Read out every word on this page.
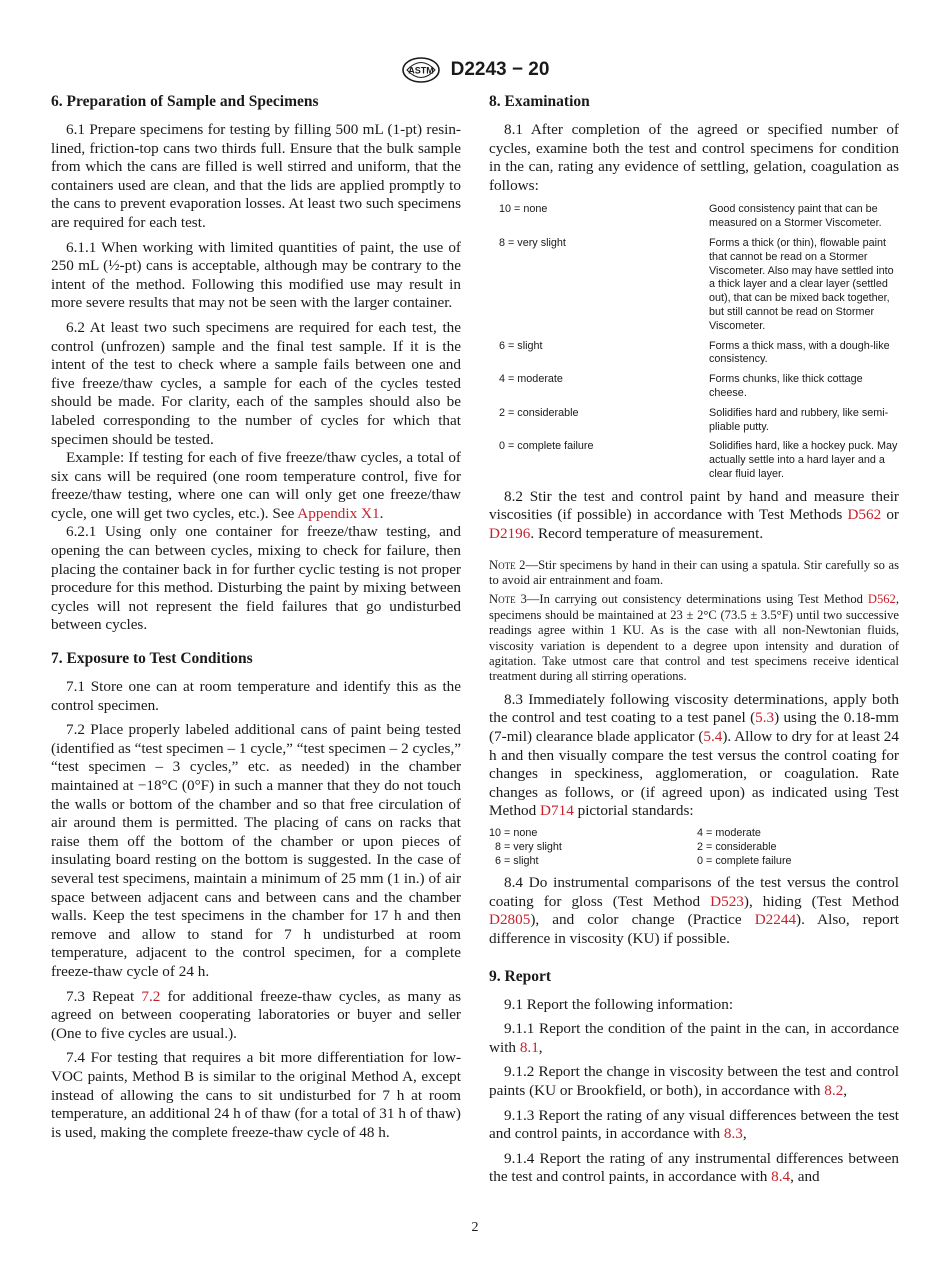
ASTM D2243 − 20
6. Preparation of Sample and Specimens

6.1 Prepare specimens for testing by filling 500 mL (1-pt) resin-lined, friction-top cans two thirds full. Ensure that the bulk sample from which the cans are filled is well stirred and uniform, that the containers used are clean, and that the lids are applied promptly to the cans to prevent evaporation losses. At least two such specimens are required for each test.

6.1.1 When working with limited quantities of paint, the use of 250 mL (½-pt) cans is acceptable, although may be contrary to the intent of the method. Following this modified use may result in more severe results that may not be seen with the larger container.

6.2 At least two such specimens are required for each test, the control (unfrozen) sample and the final test sample. If it is the intent of the test to check where a sample fails between one and five freeze/thaw cycles, a sample for each of the cycles tested should be made. For clarity, each of the samples should also be labeled corresponding to the number of cycles for which that specimen should be tested.

Example: If testing for each of five freeze/thaw cycles, a total of six cans will be required (one room temperature control, five for freeze/thaw testing, where one can will only get one freeze/thaw cycle, one will get two cycles, etc.). See Appendix X1.

6.2.1 Using only one container for freeze/thaw testing, and opening the can between cycles, mixing to check for failure, then placing the container back in for further cyclic testing is not proper procedure for this method. Disturbing the paint by mixing between cycles will not represent the field failures that go undisturbed between cycles.

7. Exposure to Test Conditions

7.1 Store one can at room temperature and identify this as the control specimen.

7.2 Place properly labeled additional cans of paint being tested (identified as “test specimen – 1 cycle,” “test specimen – 2 cycles,” “test specimen – 3 cycles,” etc. as needed) in the chamber maintained at −18°C (0°F) in such a manner that they do not touch the walls or bottom of the chamber and so that free circulation of air around them is permitted. The placing of cans on racks that raise them off the bottom of the chamber or upon pieces of insulating board resting on the bottom is suggested. In the case of several test specimens, maintain a minimum of 25 mm (1 in.) of air space between adjacent cans and between cans and the chamber walls. Keep the test specimens in the chamber for 17 h and then remove and allow to stand for 7 h undisturbed at room temperature, adjacent to the control specimen, for a complete freeze-thaw cycle of 24 h.

7.3 Repeat 7.2 for additional freeze-thaw cycles, as many as agreed on between cooperating laboratories or buyer and seller (One to five cycles are usual.).

7.4 For testing that requires a bit more differentiation for low-VOC paints, Method B is similar to the original Method A, except instead of allowing the cans to sit undisturbed for 7 h at room temperature, an additional 24 h of thaw (for a total of 31 h of thaw) is used, making the complete freeze-thaw cycle of 48 h.

8. Examination

8.1 After completion of the agreed or specified number of cycles, examine both the test and control specimens for condition in the can, rating any evidence of settling, gelation, coagulation as follows:

10 = none	Good consistency paint that can be measured on a Stormer Viscometer.
8 = very slight	Forms a thick (or thin), flowable paint that cannot be read on a Stormer Viscometer. Also may have settled into a thick layer and a clear layer (settled out), that can be mixed back together, but still cannot be read on Stormer Viscometer.
6 = slight	Forms a thick mass, with a dough-like consistency.
4 = moderate	Forms chunks, like thick cottage cheese.
2 = considerable	Solidifies hard and rubbery, like semi-pliable putty.
0 = complete failure	Solidifies hard, like a hockey puck. May actually settle into a hard layer and a clear fluid layer.

8.2 Stir the test and control paint by hand and measure their viscosities (if possible) in accordance with Test Methods D562 or D2196. Record temperature of measurement.

Note 2—Stir specimens by hand in their can using a spatula. Stir carefully so as to avoid air entrainment and foam.
Note 3—In carrying out consistency determinations using Test Method D562, specimens should be maintained at 23 ± 2°C (73.5 ± 3.5°F) until two successive readings agree within 1 KU. As is the case with all non-Newtonian fluids, viscosity variation is dependent to a degree upon intensity and duration of agitation. Take utmost care that control and test specimens receive identical treatment during all stirring operations.

8.3 Immediately following viscosity determinations, apply both the control and test coating to a test panel (5.3) using the 0.18-mm (7-mil) clearance blade applicator (5.4). Allow to dry for at least 24 h and then visually compare the test versus the control coating for changes in speckiness, agglomeration, or coagulation. Rate changes as follows, or (if agreed upon) as indicated using Test Method D714 pictorial standards:

10 = none	4 = moderate
8 = very slight	2 = considerable
6 = slight	0 = complete failure

8.4 Do instrumental comparisons of the test versus the control coating for gloss (Test Method D523), hiding (Test Method D2805), and color change (Practice D2244). Also, report difference in viscosity (KU) if possible.

9. Report

9.1 Report the following information:

9.1.1 Report the condition of the paint in the can, in accordance with 8.1,

9.1.2 Report the change in viscosity between the test and control paints (KU or Brookfield, or both), in accordance with 8.2,

9.1.3 Report the rating of any visual differences between the test and control paints, in accordance with 8.3,

9.1.4 Report the rating of any instrumental differences between the test and control paints, in accordance with 8.4, and

2
